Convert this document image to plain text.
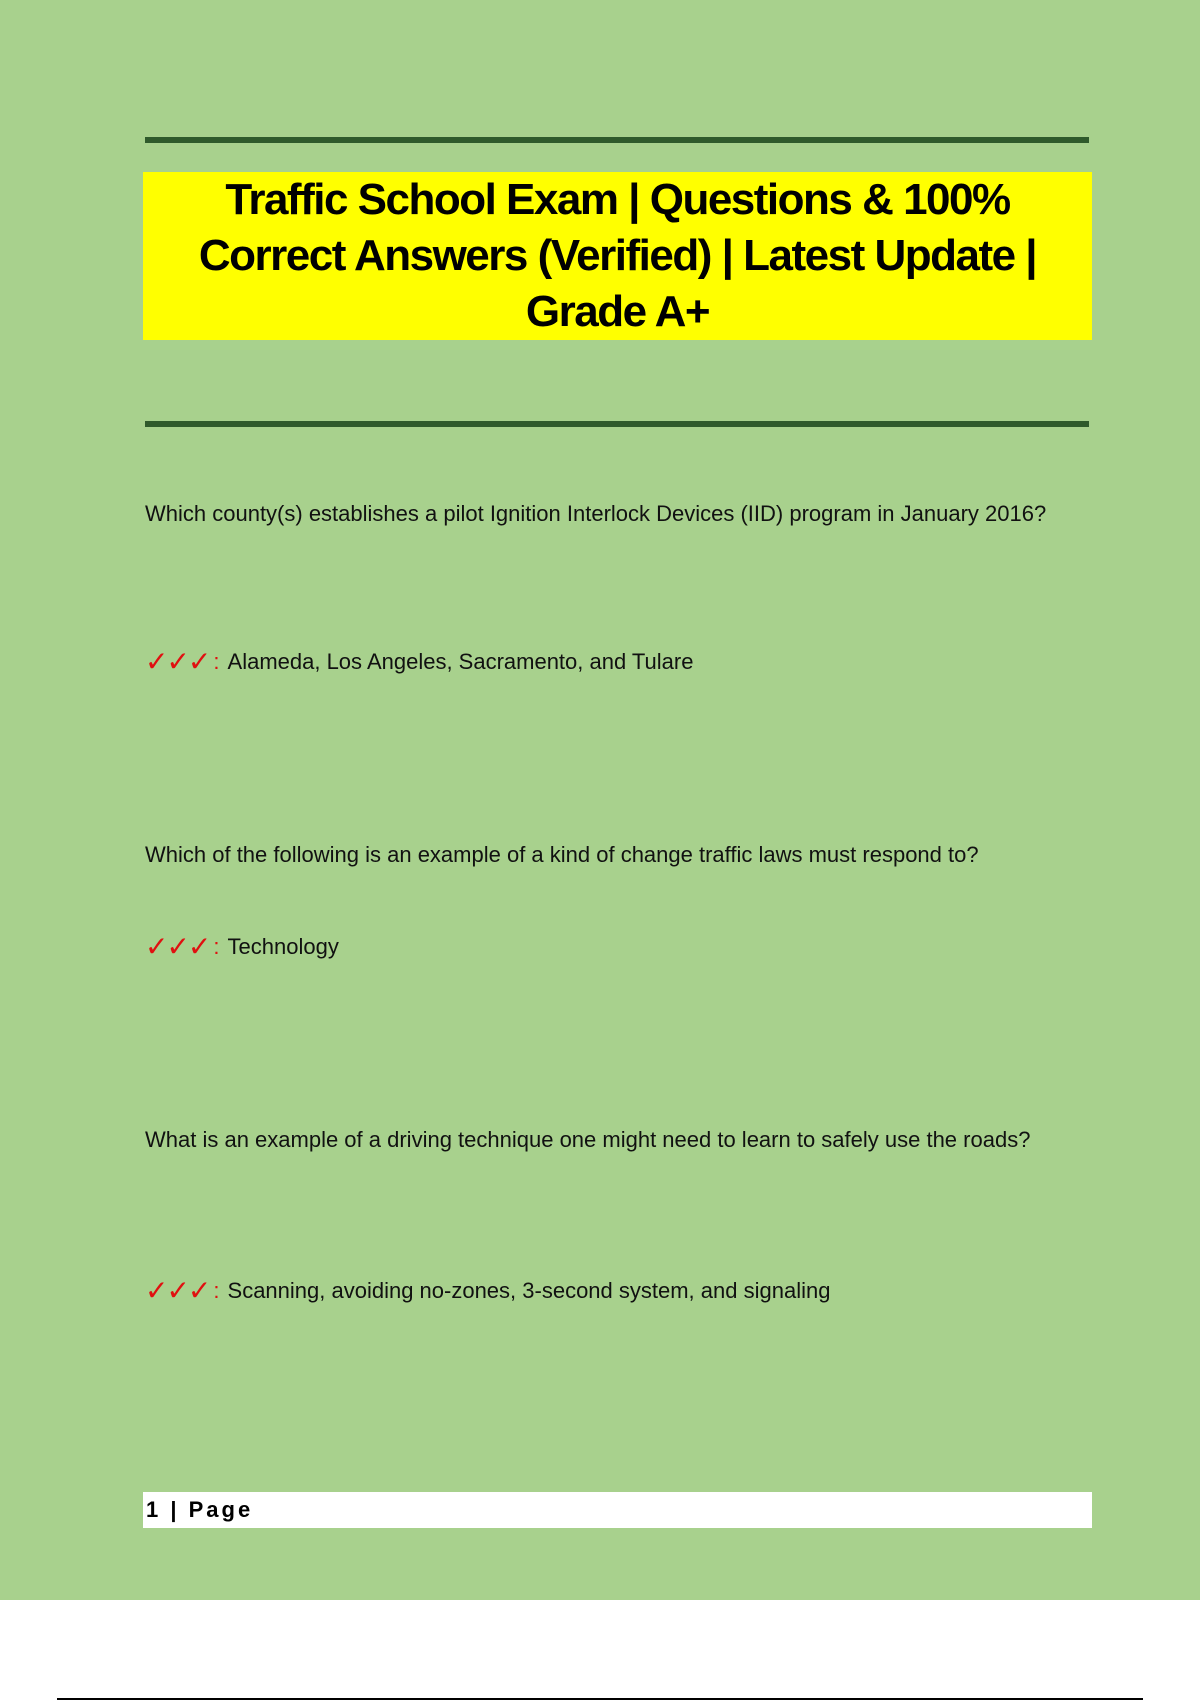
Traffic School Exam | Questions & 100% Correct Answers (Verified) | Latest Update | Grade A+

Which county(s) establishes a pilot Ignition Interlock Devices (IID) program in January 2016?

✓✓✓ : Alameda, Los Angeles, Sacramento, and Tulare

Which of the following is an example of a kind of change traffic laws must respond to?

✓✓✓ : Technology

What is an example of a driving technique one might need to learn to safely use the roads?

✓✓✓ : Scanning, avoiding no-zones, 3-second system, and signaling
1 | Page
